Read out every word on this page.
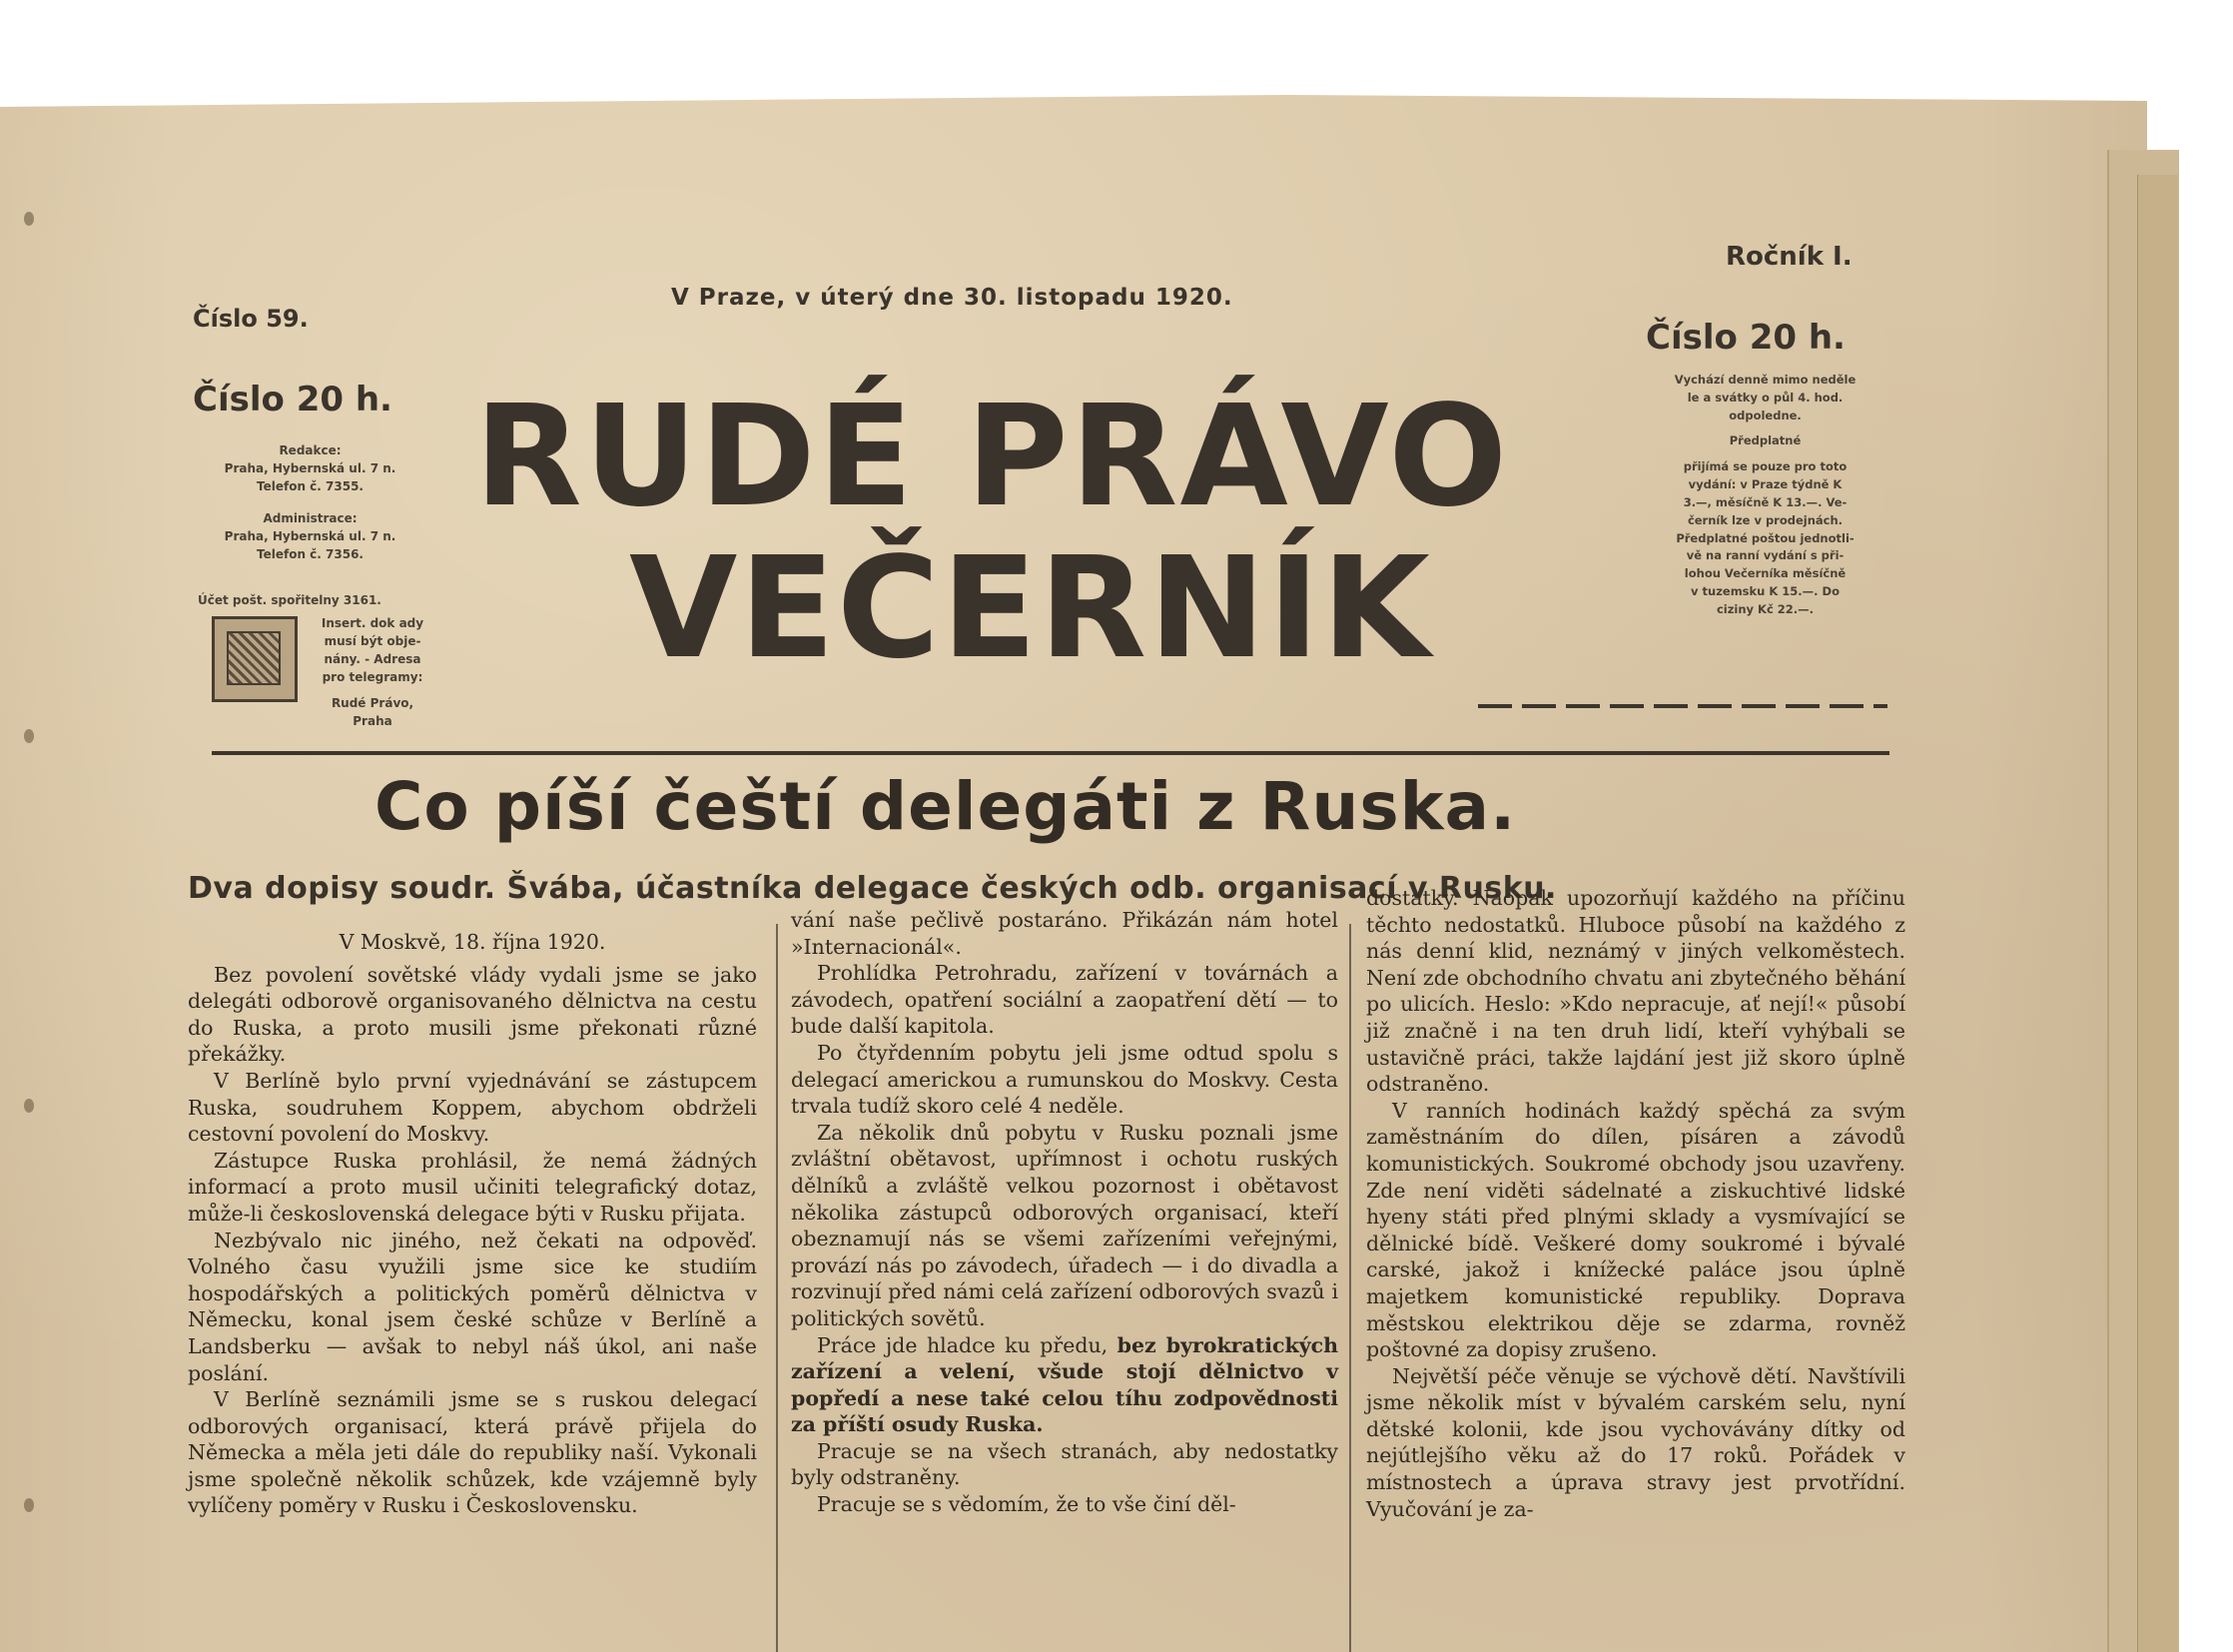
Číslo 59.
V Praze, v úterý dne 30. listopadu 1920.
Ročník I.
Číslo 20 h.
Číslo 20 h.
RUDÉ PRÁVO
VEČERNÍK
Redakce:
Praha, Hybernská ul. 7 n.
Telefon č. 7355.
Administrace:
Praha, Hybernská ul. 7 n.
Telefon č. 7356.
Účet pošt. spořitelny 3161.
Insert. dok ady
musí být obje-
nány. - Adresa
pro telegramy:
Rudé Právo,
Praha
Vychází denně mimo neděle
le a svátky o půl 4. hod.
odpoledne.
Předplatné
přijímá se pouze pro toto
vydání: v Praze týdně K
3.—, měsíčně K 13.—. Ve-
černík lze v prodejnách.
Předplatné poštou jednotli-
vě na ranní vydání s při-
lohou Večerníka měsíčně
v tuzemsku K 15.—. Do
ciziny Kč 22.—.
Co píší čeští delegáti z Ruska.
Dva dopisy soudr. Švába, účastníka delegace českých odb. organisací v Rusku.

V Moskvě, 18. října 1920.

Bez povolení sovětské vlády vydali jsme se jako delegáti odborově organisovaného dělnictva na cestu do Ruska, a proto musili jsme překonati různé překážky.

V Berlíně bylo první vyjednávání se zástupcem Ruska, soudruhem Koppem, abychom obdrželi cestovní povolení do Moskvy.

Zástupce Ruska prohlásil, že nemá žádných informací a proto musil učiniti telegrafický dotaz, může-li československá delegace býti v Rusku přijata.

Nezbývalo nic jiného, než čekati na odpověď. Volného času využili jsme sice ke studiím hospodářských a politických poměrů dělnictva v Německu, konal jsem české schůze v Berlíně a Landsberku — avšak to nebyl náš úkol, ani naše poslání.

V Berlíně seznámili jsme se s ruskou delegací odborových organisací, která právě přijela do Německa a měla jeti dále do republiky naší. Vykonali jsme společně několik schůzek, kde vzájemně byly vylíčeny poměry v Rusku i Československu.

vání naše pečlivě postaráno. Přikázán nám hotel »Internacionál«.

Prohlídka Petrohradu, zařízení v továrnách a závodech, opatření sociální a zaopatření dětí — to bude další kapitola.

Po čtyřdenním pobytu jeli jsme odtud spolu s delegací americkou a rumunskou do Moskvy. Cesta trvala tudíž skoro celé 4 neděle.

Za několik dnů pobytu v Rusku poznali jsme zvláštní obětavost, upřímnost i ochotu ruských dělníků a zvláště velkou pozornost i obětavost několika zástupců odborových organisací, kteří obeznamují nás se všemi zařízeními veřejnými, provází nás po závodech, úřadech — i do divadla a rozvinují před námi celá zařízení odborových svazů i politických sovětů.

Práce jde hladce ku předu, bez byrokratických zařízení a velení, všude stojí dělnictvo v popředí a nese také celou tíhu zodpovědnosti za příští osudy Ruska.

Pracuje se na všech stranách, aby nedostatky byly odstraněny.

Pracuje se s vědomím, že to vše činí děl-

dostatky. Naopak upozorňují každého na příčinu těchto nedostatků. Hluboce působí na každého z nás denní klid, neznámý v jiných velkoměstech. Není zde obchodního chvatu ani zbytečného běhání po ulicích. Heslo: »Kdo nepracuje, ať nejí!« působí již značně i na ten druh lidí, kteří vyhýbali se ustavičně práci, takže lajdání jest již skoro úplně odstraněno.

V ranních hodinách každý spěchá za svým zaměstnáním do dílen, písáren a závodů komunistických. Soukromé obchody jsou uzavřeny. Zde není viděti sádelnaté a ziskuchtivé lidské hyeny státi před plnými sklady a vysmívající se dělnické bídě. Veškeré domy soukromé i bývalé carské, jakož i knížecké paláce jsou úplně majetkem komunistické republiky. Doprava městskou elektrikou děje se zdarma, rovněž poštovné za dopisy zrušeno.

Největší péče věnuje se výchově dětí. Navštívili jsme několik míst v bývalém carském selu, nyní dětské kolonii, kde jsou vychovávány dítky od nejútlejšího věku až do 17 roků. Pořádek v místnostech a úprava stravy jest prvotřídní. Vyučování je za-
